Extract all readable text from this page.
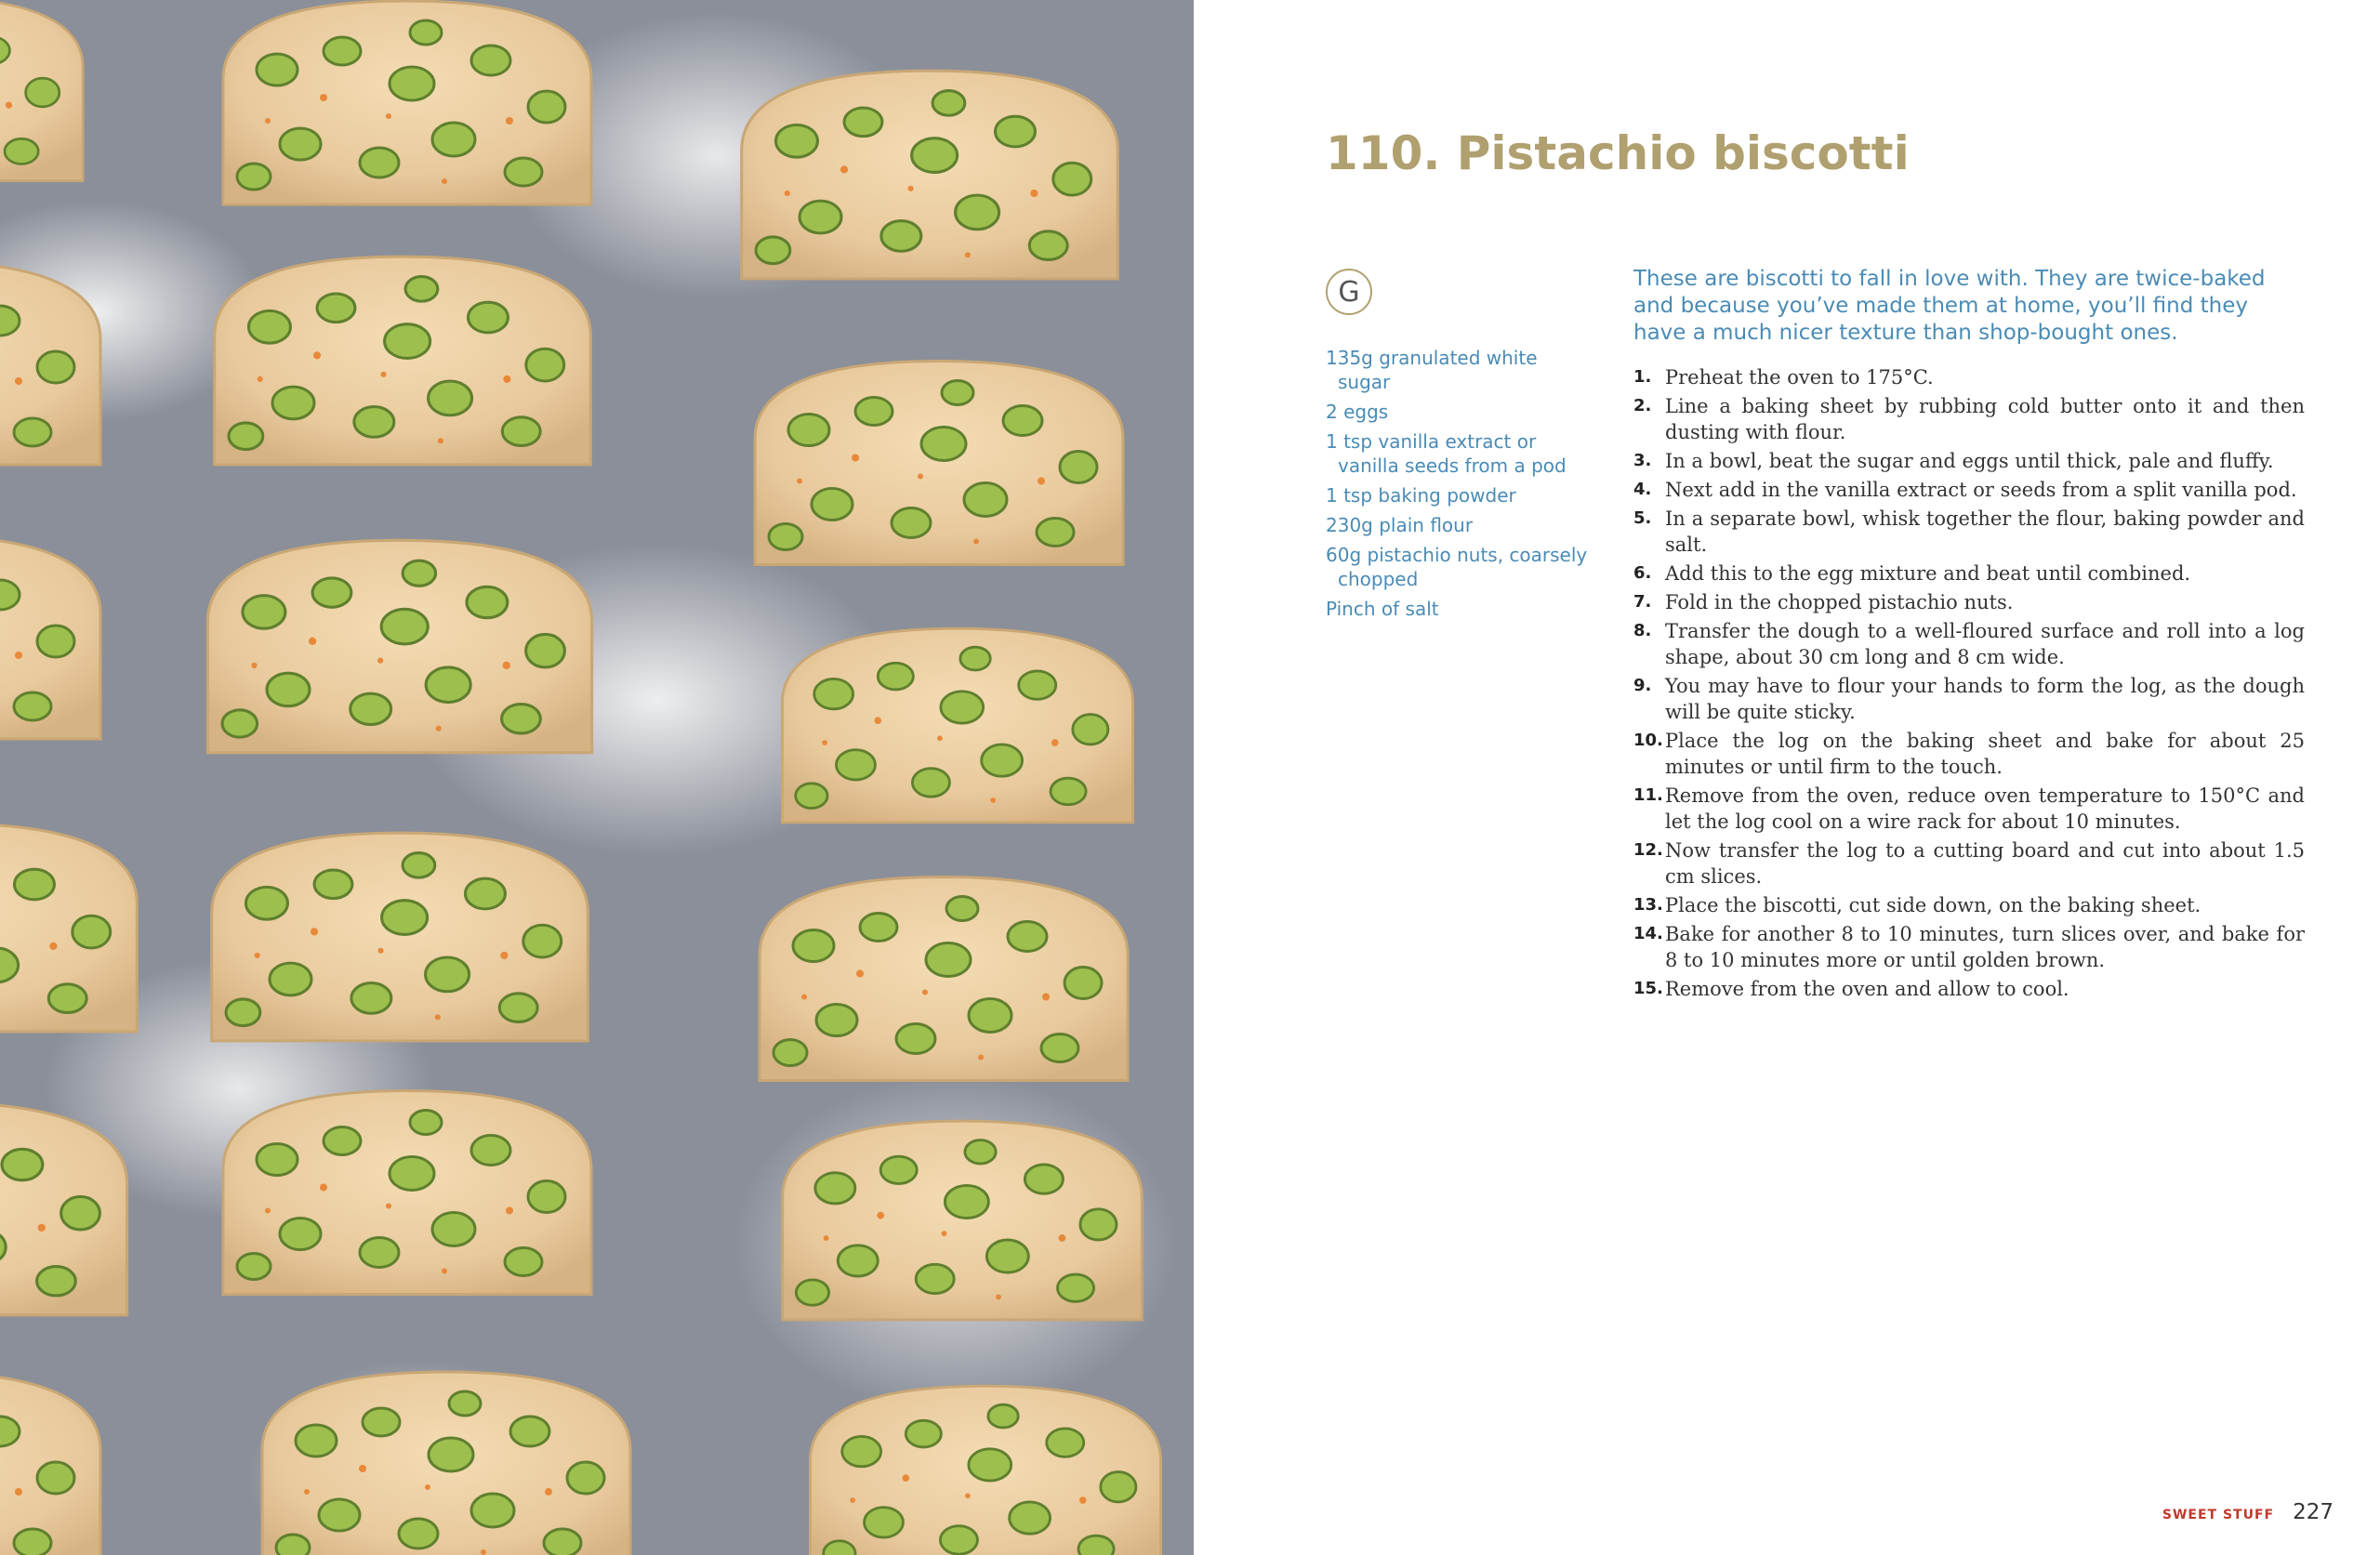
110. Pistachio biscotti
G
135g granulated white sugar
2 eggs
1 tsp vanilla extract or vanilla seeds from a pod
1 tsp baking powder
230g plain flour
60g pistachio nuts, coarsely chopped
Pinch of salt

These are biscotti to fall in love with. They are twice-baked and because you’ve made them at home, you’ll find they have a much nicer texture than shop-bought ones.

1. Preheat the oven to 175°C.
2. Line a baking sheet by rubbing cold butter onto it and then dusting with flour.
3. In a bowl, beat the sugar and eggs until thick, pale and fluffy.
4. Next add in the vanilla extract or seeds from a split vanilla pod.
5. In a separate bowl, whisk together the flour, baking powder and salt.
6. Add this to the egg mixture and beat until combined.
7. Fold in the chopped pistachio nuts.
8. Transfer the dough to a well-floured surface and roll into a log shape, about 30 cm long and 8 cm wide.
9. You may have to flour your hands to form the log, as the dough will be quite sticky.
10. Place the log on the baking sheet and bake for about 25 minutes or until firm to the touch.
11. Remove from the oven, reduce oven temperature to 150°C and let the log cool on a wire rack for about 10 minutes.
12. Now transfer the log to a cutting board and cut into about 1.5 cm slices.
13. Place the biscotti, cut side down, on the baking sheet.
14. Bake for another 8 to 10 minutes, turn slices over, and bake for 8 to 10 minutes more or until golden brown.
15. Remove from the oven and allow to cool.
SWEET STUFF 227
